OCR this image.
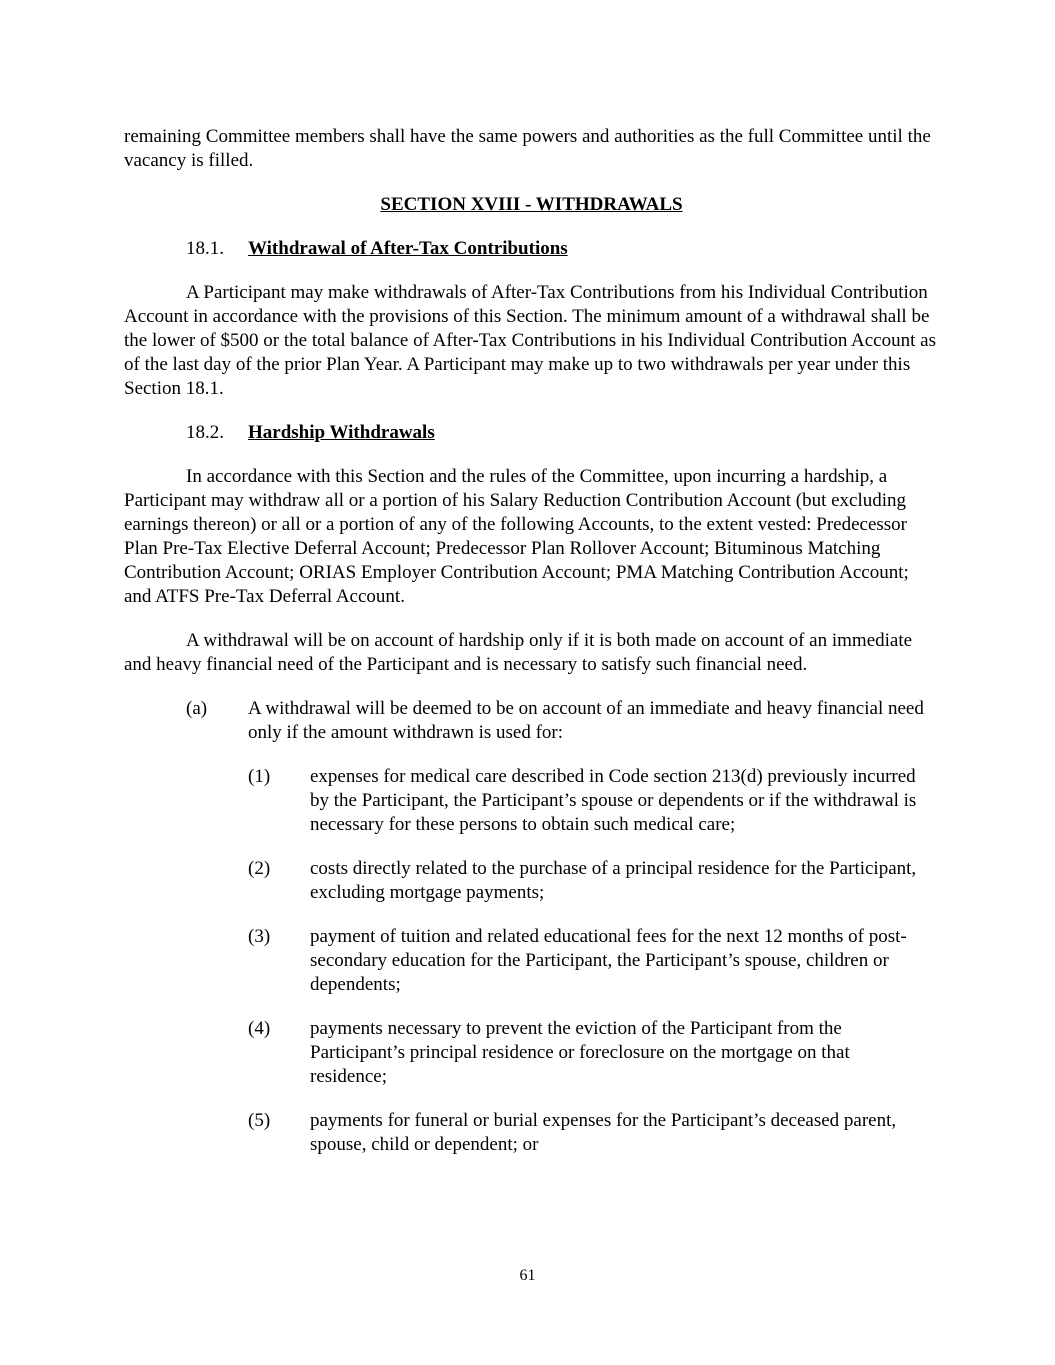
remaining Committee members shall have the same powers and authorities as the full Committee until the vacancy is filled.

SECTION XVIII - WITHDRAWALS

18.1. Withdrawal of After-Tax Contributions

A Participant may make withdrawals of After-Tax Contributions from his Individual Contribution Account in accordance with the provisions of this Section. The minimum amount of a withdrawal shall be the lower of $500 or the total balance of After-Tax Contributions in his Individual Contribution Account as of the last day of the prior Plan Year. A Participant may make up to two withdrawals per year under this Section 18.1.

18.2. Hardship Withdrawals

In accordance with this Section and the rules of the Committee, upon incurring a hardship, a Participant may withdraw all or a portion of his Salary Reduction Contribution Account (but excluding earnings thereon) or all or a portion of any of the following Accounts, to the extent vested: Predecessor Plan Pre-Tax Elective Deferral Account; Predecessor Plan Rollover Account; Bituminous Matching Contribution Account; ORIAS Employer Contribution Account; PMA Matching Contribution Account; and ATFS Pre-Tax Deferral Account.

A withdrawal will be on account of hardship only if it is both made on account of an immediate and heavy financial need of the Participant and is necessary to satisfy such financial need.

(a)	A withdrawal will be deemed to be on account of an immediate and heavy financial need only if the amount withdrawn is used for:
(1)	expenses for medical care described in Code section 213(d) previously incurred by the Participant, the Participant’s spouse or dependents or if the withdrawal is necessary for these persons to obtain such medical care;
(2)	costs directly related to the purchase of a principal residence for the Participant, excluding mortgage payments;
(3)	payment of tuition and related educational fees for the next 12 months of post-secondary education for the Participant, the Participant’s spouse, children or dependents;
(4)	payments necessary to prevent the eviction of the Participant from the Participant’s principal residence or foreclosure on the mortgage on that residence;
(5)	payments for funeral or burial expenses for the Participant’s deceased parent, spouse, child or dependent; or
61
